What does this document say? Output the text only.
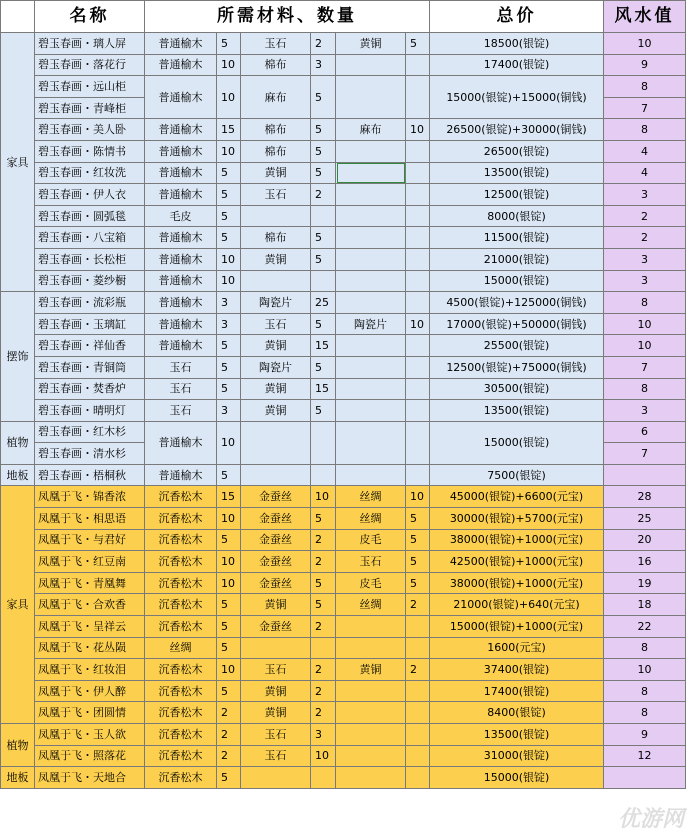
	名称	所需材料、数量						总价	风水值
家具	碧玉春画・璃人屏	普通榆木	5	玉石	2	黄铜	5	18500(银锭)	10
	碧玉春画・落花行	普通榆木	10	棉布	3			17400(银锭)	9
	碧玉春画・远山柜	普通榆木	10	麻布	5			15000(银锭)+15000(铜钱)	8
	碧玉春画・青峰柜								7
	碧玉春画・美人卧	普通榆木	15	棉布	5	麻布	10	26500(银锭)+30000(铜钱)	8
	碧玉春画・陈情书	普通榆木	10	棉布	5			26500(银锭)	4
	碧玉春画・红妆洗	普通榆木	5	黄铜	5			13500(银锭)	4
	碧玉春画・伊人衣	普通榆木	5	玉石	2			12500(银锭)	3
	碧玉春画・圆弧毯	毛皮	5					8000(银锭)	2
	碧玉春画・八宝箱	普通榆木	5	棉布	5			11500(银锭)	2
	碧玉春画・长松柜	普通榆木	10	黄铜	5			21000(银锭)	3
	碧玉春画・菱纱橱	普通榆木	10					15000(银锭)	3
摆饰	碧玉春画・流彩瓶	普通榆木	3	陶瓷片	25			4500(银锭)+125000(铜钱)	8
	碧玉春画・玉璃缸	普通榆木	3	玉石	5	陶瓷片	10	17000(银锭)+50000(铜钱)	10
	碧玉春画・祥仙香	普通榆木	5	黄铜	15			25500(银锭)	10
	碧玉春画・青铜筒	玉石	5	陶瓷片	5			12500(银锭)+75000(铜钱)	7
	碧玉春画・焚香炉	玉石	5	黄铜	15			30500(银锭)	8
	碧玉春画・晴明灯	玉石	3	黄铜	5			13500(银锭)	3
植物	碧玉春画・红木杉	普通榆木	10					15000(银锭)	6
	碧玉春画・清水杉								7
地板	碧玉春画・梧桐秋	普通榆木	5					7500(银锭)	
家具	凤凰于飞・锦香浓	沉香松木	15	金蚕丝	10	丝绸	10	45000(银锭)+6600(元宝)	28
	凤凰于飞・相思语	沉香松木	10	金蚕丝	5	丝绸	5	30000(银锭)+5700(元宝)	25
	凤凰于飞・与君好	沉香松木	5	金蚕丝	2	皮毛	5	38000(银锭)+1000(元宝)	20
	凤凰于飞・红豆南	沉香松木	10	金蚕丝	2	玉石	5	42500(银锭)+1000(元宝)	16
	凤凰于飞・青凰舞	沉香松木	10	金蚕丝	5	皮毛	5	38000(银锭)+1000(元宝)	19
	凤凰于飞・合欢香	沉香松木	5	黄铜	5	丝绸	2	21000(银锭)+640(元宝)	18
	凤凰于飞・呈祥云	沉香松木	5	金蚕丝	2			15000(银锭)+1000(元宝)	22
	凤凰于飞・花丛陨	丝绸	5					1600(元宝)	8
	凤凰于飞・红妆泪	沉香松木	10	玉石	2	黄铜	2	37400(银锭)	10
	凤凰于飞・伊人醉	沉香松木	5	黄铜	2			17400(银锭)	8
	凤凰于飞・团圆情	沉香松木	2	黄铜	2			8400(银锭)	8
植物	凤凰于飞・玉人欲	沉香松木	2	玉石	3			13500(银锭)	9
	凤凰于飞・照落花	沉香松木	2	玉石	10			31000(银锭)	12
地板	凤凰于飞・天地合	沉香松木	5					15000(银锭)	
优游网
